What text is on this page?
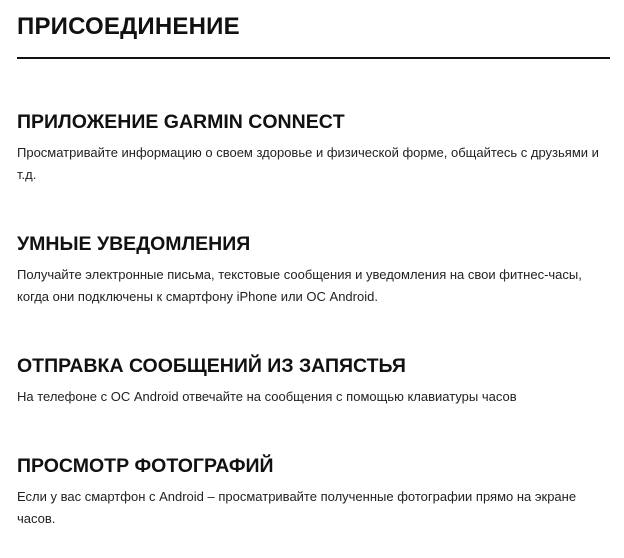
ПРИСОЕДИНЕНИЕ
ПРИЛОЖЕНИЕ GARMIN CONNECT

Просматривайте информацию о своем здоровье и физической форме, общайтесь с друзьями и т.д.

УМНЫЕ УВЕДОМЛЕНИЯ

Получайте электронные письма, текстовые сообщения и уведомления на свои фитнес-часы, когда они подключены к смартфону iPhone или ОС Android.

ОТПРАВКА СООБЩЕНИЙ ИЗ ЗАПЯСТЬЯ

На телефоне с ОС Android отвечайте на сообщения с помощью клавиатуры часов

ПРОСМОТР ФОТОГРАФИЙ

Если у вас смартфон с Android – просматривайте полученные фотографии прямо на экране часов.
